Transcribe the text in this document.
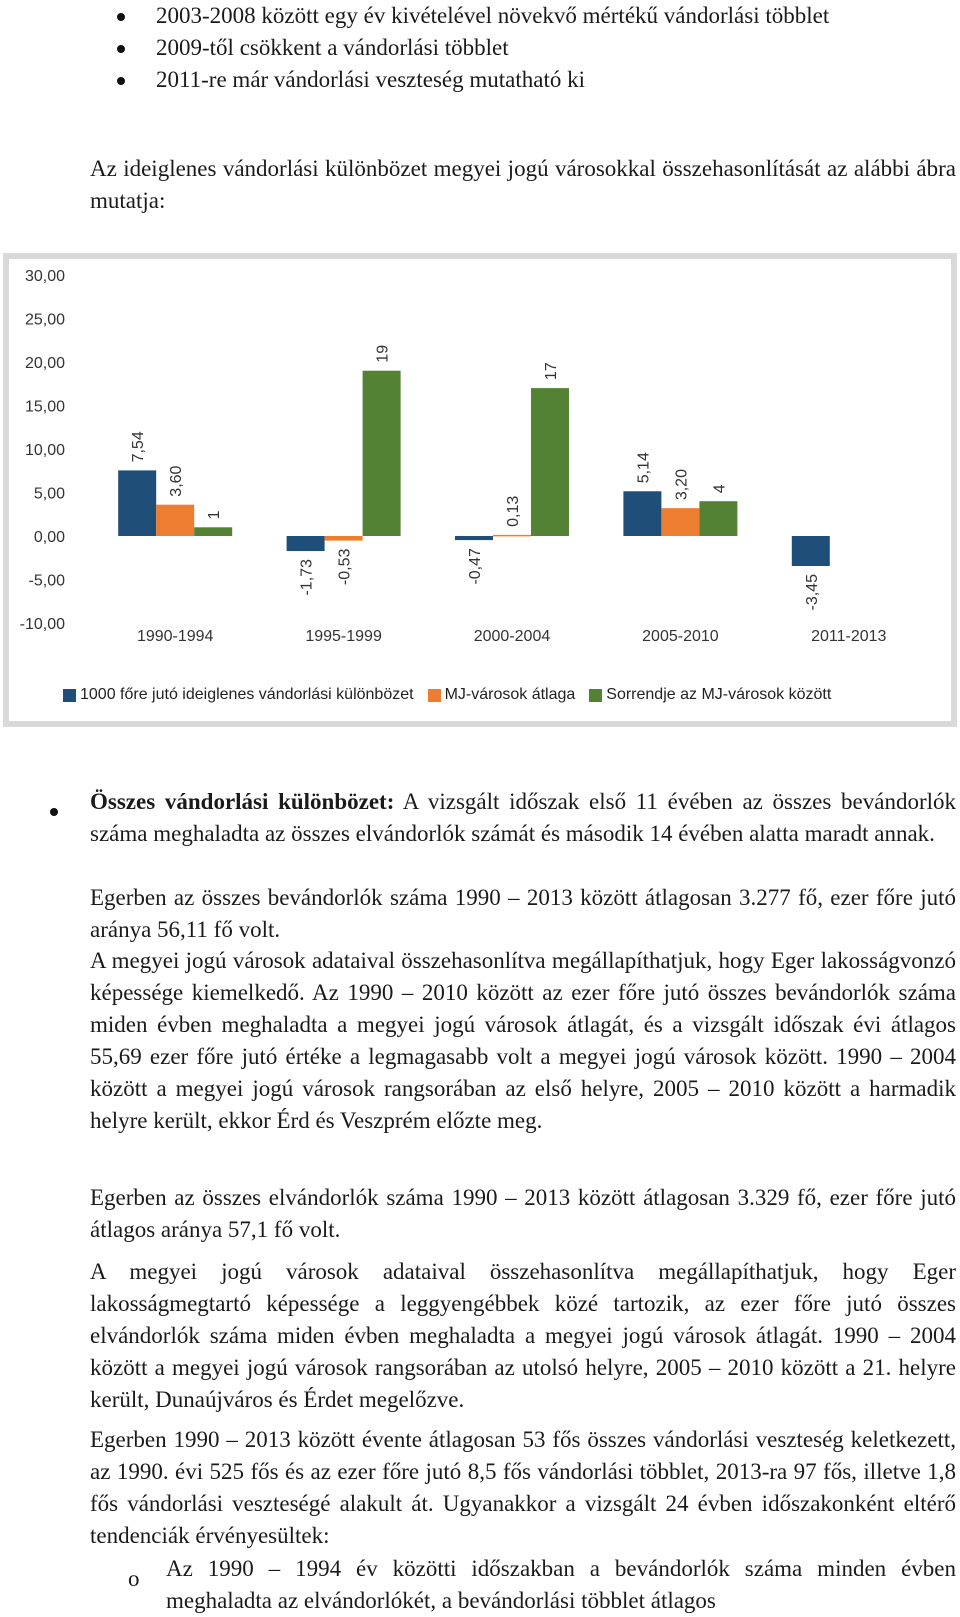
2003-2008 között egy év kivételével növekvő mértékű vándorlási többlet
2009-től csökkent a vándorlási többlet
2011-re már vándorlási veszteség mutatható ki

Az ideiglenes vándorlási különbözet megyei jogú városokkal összehasonlítását az alábbi ábra mutatja:

30,00
25,00
20,00
15,00
10,00
5,00
0,00
-5,00
-10,00
1990-1994
7,54
3,60
1
1995-1999
-1,73 -0,53
19
2000-2004
-0,47
0,13
17
2005-2010
5,14
3,20 4
2011-2013
-3,45
1000 főre jutó ideiglenes vándorlási különbözet MJ-városok átlaga Sorrendje az MJ-városok között

Összes vándorlási különbözet: A vizsgált időszak első 11 évében az összes bevándorlók száma meghaladta az összes elvándorlók számát és második 14 évében alatta maradt annak.

Egerben az összes bevándorlók száma 1990 – 2013 között átlagosan 3.277 fő, ezer főre jutó aránya 56,11 fő volt.

A megyei jogú városok adataival összehasonlítva megállapíthatjuk, hogy Eger lakosságvonzó képessége kiemelkedő. Az 1990 – 2010 között az ezer főre jutó összes bevándorlók száma miden évben meghaladta a megyei jogú városok átlagát, és a vizsgált időszak évi átlagos 55,69 ezer főre jutó értéke a legmagasabb volt a megyei jogú városok között. 1990 – 2004 között a megyei jogú városok rangsorában az első helyre, 2005 – 2010 között a harmadik helyre került, ekkor Érd és Veszprém előzte meg.

Egerben az összes elvándorlók száma 1990 – 2013 között átlagosan 3.329 fő, ezer főre jutó átlagos aránya 57,1 fő volt.

A megyei jogú városok adataival összehasonlítva megállapíthatjuk, hogy Eger lakosságmegtartó képessége a leggyengébbek közé tartozik, az ezer főre jutó összes elvándorlók száma miden évben meghaladta a megyei jogú városok átlagát. 1990 – 2004 között a megyei jogú városok rangsorában az utolsó helyre, 2005 – 2010 között a 21. helyre került, Dunaújváros és Érdet megelőzve.

Egerben 1990 – 2013 között évente átlagosan 53 fős összes vándorlási veszteség keletkezett, az 1990. évi 525 fős és az ezer főre jutó 8,5 fős vándorlási többlet, 2013-ra 97 fős, illetve 1,8 fős vándorlási veszteségé alakult át. Ugyanakkor a vizsgált 24 évben időszakonként eltérő tendenciák érvényesültek:

o Az 1990 – 1994 év közötti időszakban a bevándorlók száma minden évben meghaladta az elvándorlókét, a bevándorlási többlet átlagos
